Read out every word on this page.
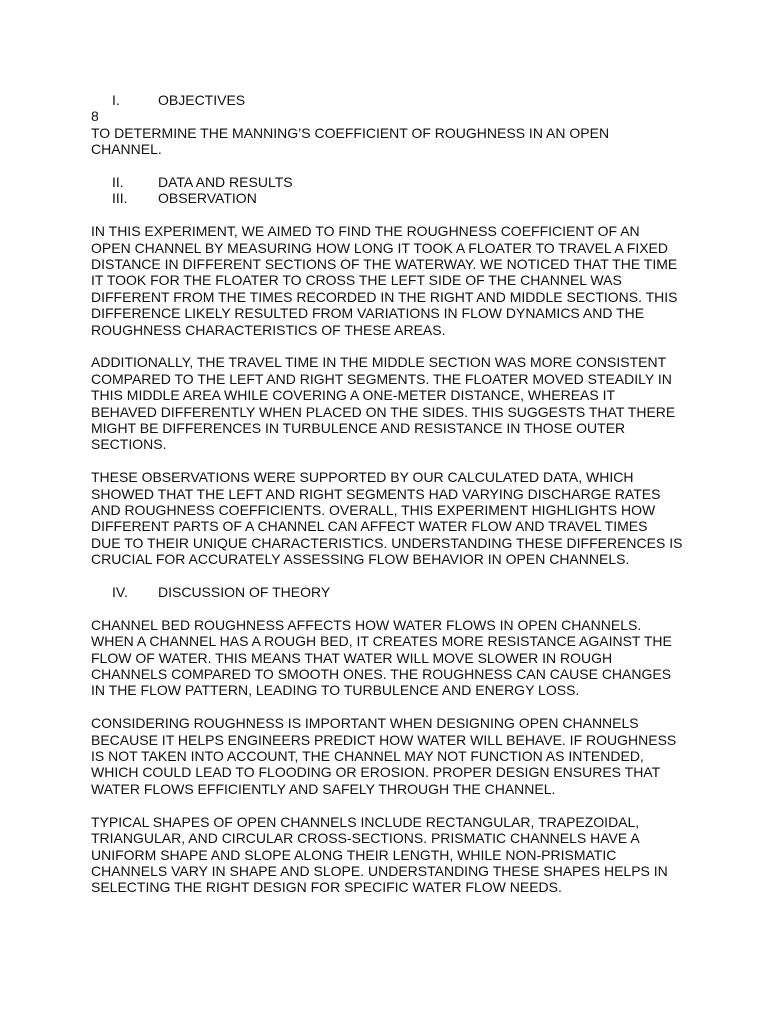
I.	OBJECTIVES
8
TO DETERMINE THE MANNING’S COEFFICIENT OF ROUGHNESS IN AN OPEN
CHANNEL.
II.	DATA AND RESULTS
III.	OBSERVATION
IN THIS EXPERIMENT, WE AIMED TO FIND THE ROUGHNESS COEFFICIENT OF AN
OPEN CHANNEL BY MEASURING HOW LONG IT TOOK A FLOATER TO TRAVEL A FIXED
DISTANCE IN DIFFERENT SECTIONS OF THE WATERWAY. WE NOTICED THAT THE TIME
IT TOOK FOR THE FLOATER TO CROSS THE LEFT SIDE OF THE CHANNEL WAS
DIFFERENT FROM THE TIMES RECORDED IN THE RIGHT AND MIDDLE SECTIONS. THIS
DIFFERENCE LIKELY RESULTED FROM VARIATIONS IN FLOW DYNAMICS AND THE
ROUGHNESS CHARACTERISTICS OF THESE AREAS.
ADDITIONALLY, THE TRAVEL TIME IN THE MIDDLE SECTION WAS MORE CONSISTENT
COMPARED TO THE LEFT AND RIGHT SEGMENTS. THE FLOATER MOVED STEADILY IN
THIS MIDDLE AREA WHILE COVERING A ONE-METER DISTANCE, WHEREAS IT
BEHAVED DIFFERENTLY WHEN PLACED ON THE SIDES. THIS SUGGESTS THAT THERE
MIGHT BE DIFFERENCES IN TURBULENCE AND RESISTANCE IN THOSE OUTER
SECTIONS.
THESE OBSERVATIONS WERE SUPPORTED BY OUR CALCULATED DATA, WHICH
SHOWED THAT THE LEFT AND RIGHT SEGMENTS HAD VARYING DISCHARGE RATES
AND ROUGHNESS COEFFICIENTS. OVERALL, THIS EXPERIMENT HIGHLIGHTS HOW
DIFFERENT PARTS OF A CHANNEL CAN AFFECT WATER FLOW AND TRAVEL TIMES
DUE TO THEIR UNIQUE CHARACTERISTICS. UNDERSTANDING THESE DIFFERENCES IS
CRUCIAL FOR ACCURATELY ASSESSING FLOW BEHAVIOR IN OPEN CHANNELS.
IV.	DISCUSSION OF THEORY
CHANNEL BED ROUGHNESS AFFECTS HOW WATER FLOWS IN OPEN CHANNELS.
WHEN A CHANNEL HAS A ROUGH BED, IT CREATES MORE RESISTANCE AGAINST THE
FLOW OF WATER. THIS MEANS THAT WATER WILL MOVE SLOWER IN ROUGH
CHANNELS COMPARED TO SMOOTH ONES. THE ROUGHNESS CAN CAUSE CHANGES
IN THE FLOW PATTERN, LEADING TO TURBULENCE AND ENERGY LOSS.
CONSIDERING ROUGHNESS IS IMPORTANT WHEN DESIGNING OPEN CHANNELS
BECAUSE IT HELPS ENGINEERS PREDICT HOW WATER WILL BEHAVE. IF ROUGHNESS
IS NOT TAKEN INTO ACCOUNT, THE CHANNEL MAY NOT FUNCTION AS INTENDED,
WHICH COULD LEAD TO FLOODING OR EROSION. PROPER DESIGN ENSURES THAT
WATER FLOWS EFFICIENTLY AND SAFELY THROUGH THE CHANNEL.
TYPICAL SHAPES OF OPEN CHANNELS INCLUDE RECTANGULAR, TRAPEZOIDAL,
TRIANGULAR, AND CIRCULAR CROSS-SECTIONS. PRISMATIC CHANNELS HAVE A
UNIFORM SHAPE AND SLOPE ALONG THEIR LENGTH, WHILE NON-PRISMATIC
CHANNELS VARY IN SHAPE AND SLOPE. UNDERSTANDING THESE SHAPES HELPS IN
SELECTING THE RIGHT DESIGN FOR SPECIFIC WATER FLOW NEEDS.
